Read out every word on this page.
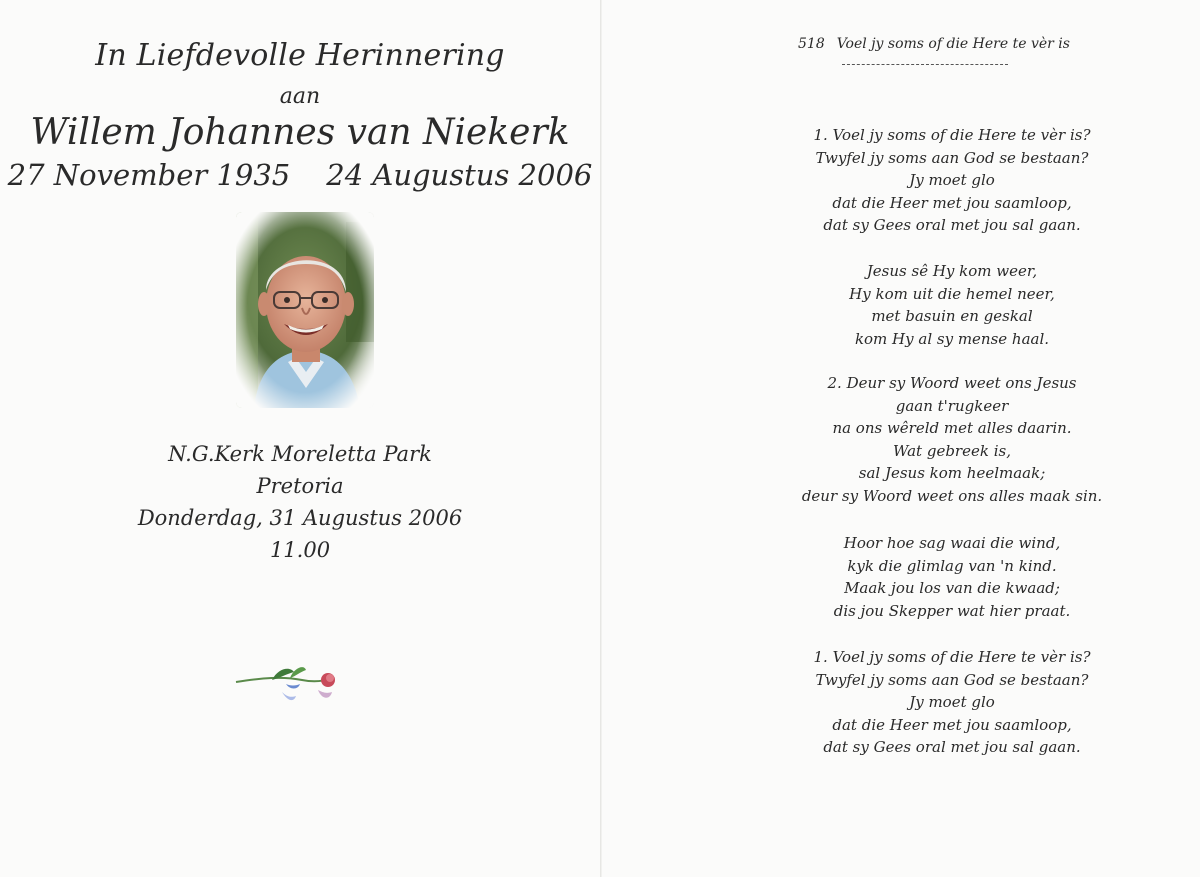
In Liefdevolle Herinnering
aan
Willem Johannes van Niekerk
27 November 1935 24 Augustus 2006
N.G.Kerk Moreletta Park
Pretoria
Donderdag, 31 Augustus 2006
11.00
518 Voel jy soms of die Here te vèr is
1. Voel jy soms of die Here te vèr is?
Twyfel jy soms aan God se bestaan?
Jy moet glo
dat die Heer met jou saamloop,
dat sy Gees oral met jou sal gaan.
Jesus sê Hy kom weer,
Hy kom uit die hemel neer,
met basuin en geskal
kom Hy al sy mense haal.
2. Deur sy Woord weet ons Jesus
gaan t'rugkeer
na ons wêreld met alles daarin.
Wat gebreek is,
sal Jesus kom heelmaak;
deur sy Woord weet ons alles maak sin.
Hoor hoe sag waai die wind,
kyk die glimlag van 'n kind.
Maak jou los van die kwaad;
dis jou Skepper wat hier praat.
1. Voel jy soms of die Here te vèr is?
Twyfel jy soms aan God se bestaan?
Jy moet glo
dat die Heer met jou saamloop,
dat sy Gees oral met jou sal gaan.
